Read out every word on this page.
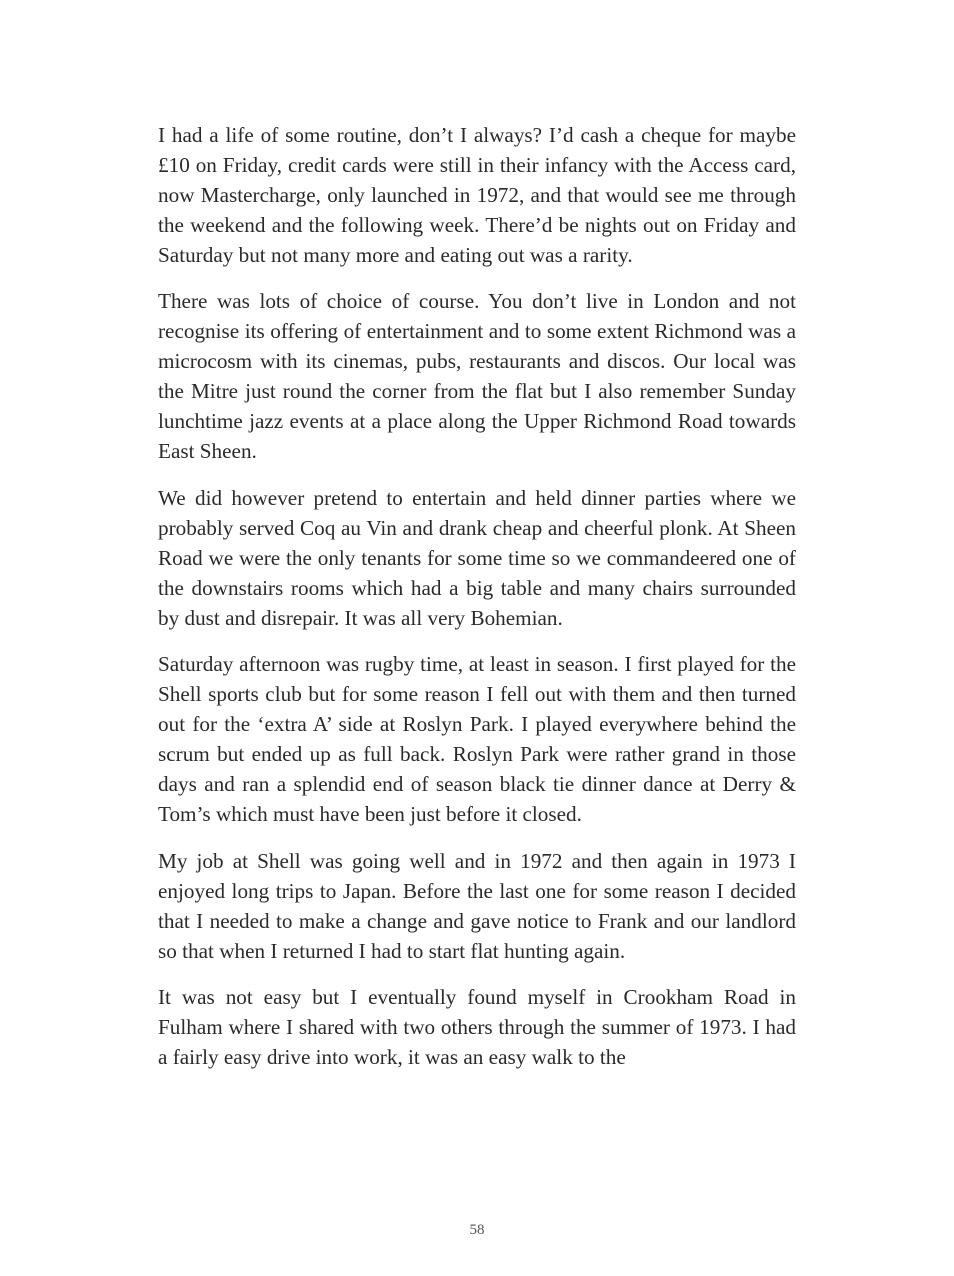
I had a life of some routine, don’t I always? I’d cash a cheque for maybe £10 on Friday, credit cards were still in their infancy with the Access card, now Mastercharge, only launched in 1972, and that would see me through the weekend and the following week. There’d be nights out on Friday and Saturday but not many more and eating out was a rarity.

There was lots of choice of course. You don’t live in London and not recognise its offering of entertainment and to some extent Richmond was a microcosm with its cinemas, pubs, restaurants and discos. Our local was the Mitre just round the corner from the flat but I also remember Sunday lunchtime jazz events at a place along the Upper Richmond Road towards East Sheen.

We did however pretend to entertain and held dinner parties where we probably served Coq au Vin and drank cheap and cheerful plonk. At Sheen Road we were the only tenants for some time so we commandeered one of the downstairs rooms which had a big table and many chairs surrounded by dust and disrepair. It was all very Bohemian.

Saturday afternoon was rugby time, at least in season. I first played for the Shell sports club but for some reason I fell out with them and then turned out for the ‘extra A’ side at Roslyn Park. I played everywhere behind the scrum but ended up as full back. Roslyn Park were rather grand in those days and ran a splendid end of season black tie dinner dance at Derry & Tom’s which must have been just before it closed.

My job at Shell was going well and in 1972 and then again in 1973 I enjoyed long trips to Japan. Before the last one for some reason I decided that I needed to make a change and gave notice to Frank and our landlord so that when I returned I had to start flat hunting again.

It was not easy but I eventually found myself in Crookham Road in Fulham where I shared with two others through the summer of 1973. I had a fairly easy drive into work, it was an easy walk to the

58
